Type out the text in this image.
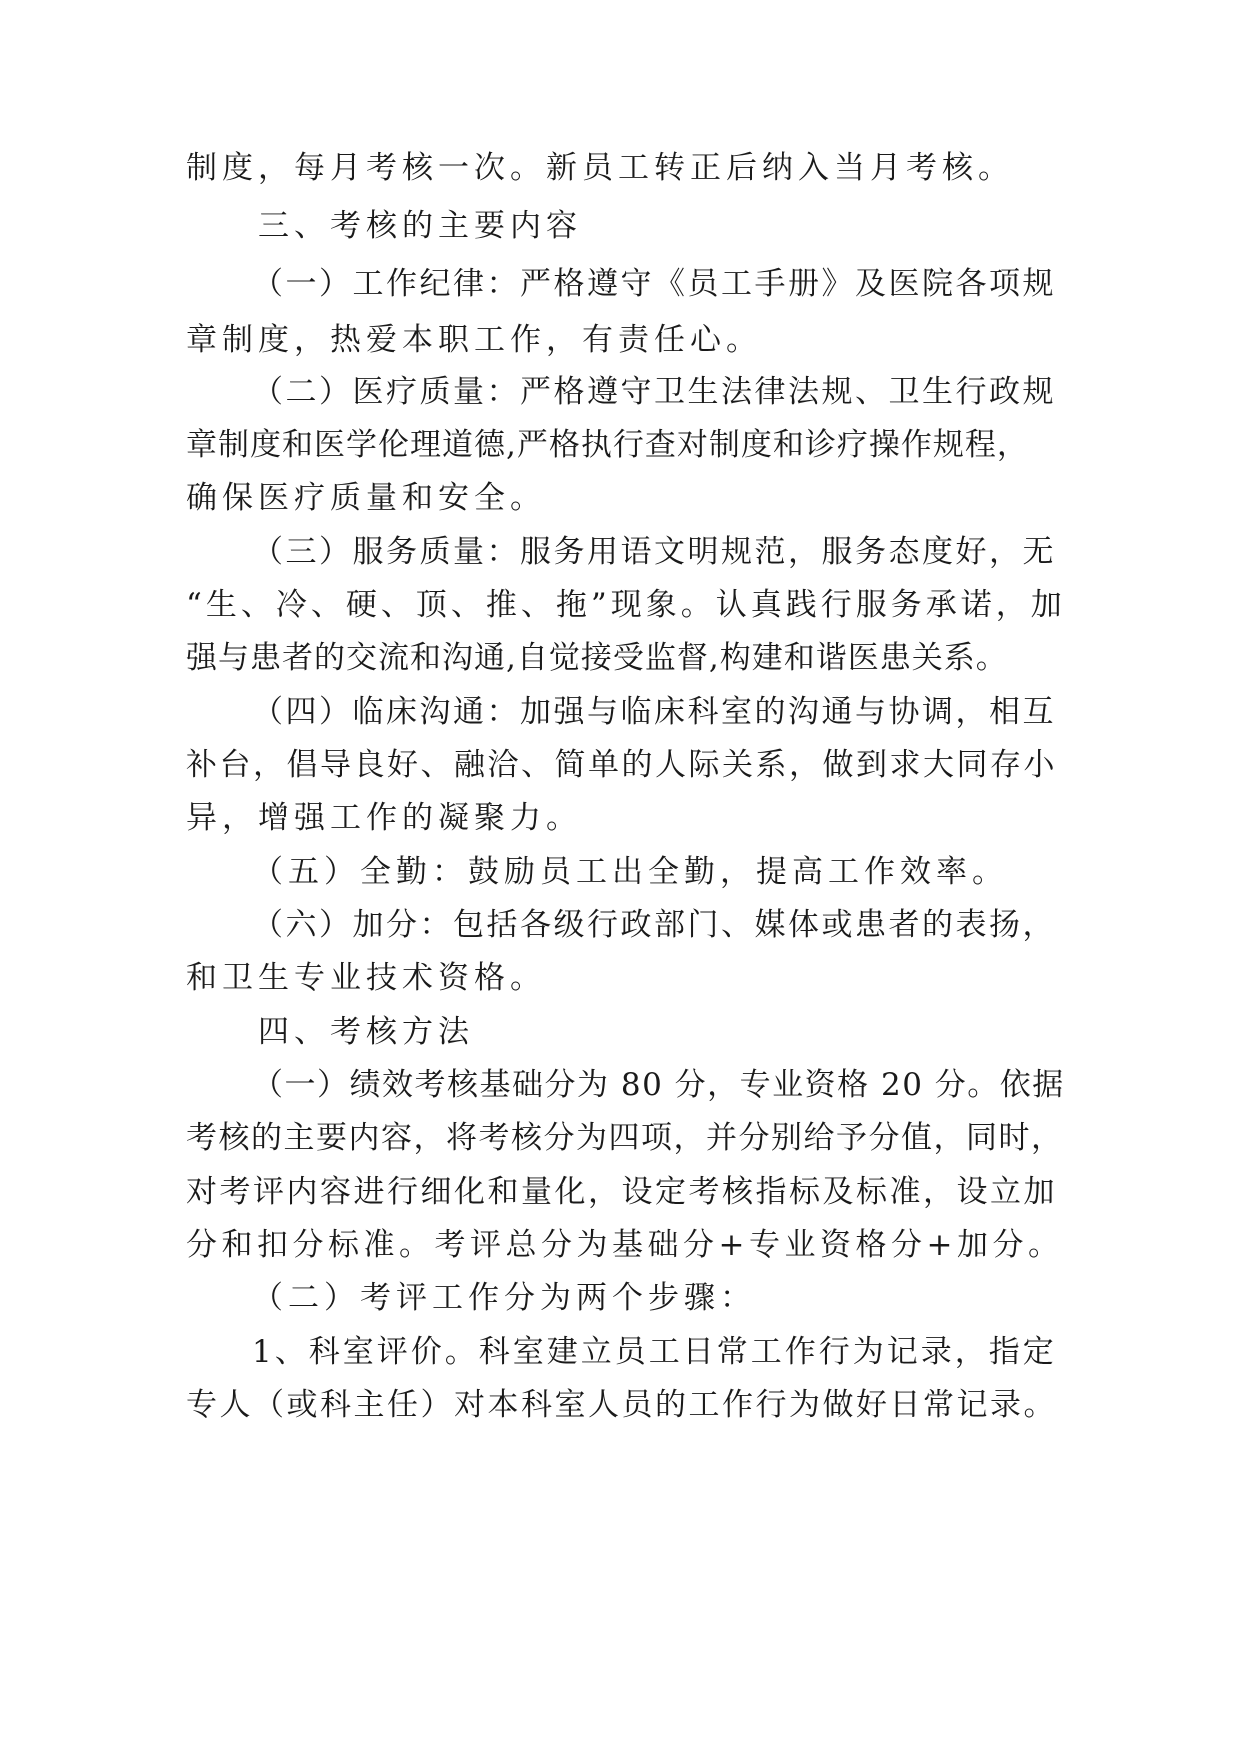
制度，每月考核一次。新员工转正后纳入当月考核。
三、考核的主要内容
（一）工作纪律：严格遵守《员工手册》及医院各项规
章制度，热爱本职工作，有责任心。
（二）医疗质量：严格遵守卫生法律法规、卫生行政规
章制度和医学伦理道德,严格执行查对制度和诊疗操作规程，
确保医疗质量和安全。
（三）服务质量：服务用语文明规范，服务态度好，无
“生、冷、硬、顶、推、拖”现象。认真践行服务承诺，加
强与患者的交流和沟通,自觉接受监督,构建和谐医患关系。
（四）临床沟通：加强与临床科室的沟通与协调，相互
补台，倡导良好、融洽、简单的人际关系，做到求大同存小
异，增强工作的凝聚力。
（五）全勤：鼓励员工出全勤，提高工作效率。
（六）加分：包括各级行政部门、媒体或患者的表扬，
和卫生专业技术资格。
四、考核方法
（一）绩效考核基础分为 80 分，专业资格 20 分。依据
考核的主要内容，将考核分为四项，并分别给予分值，同时，
对考评内容进行细化和量化，设定考核指标及标准，设立加
分和扣分标准。考评总分为基础分+专业资格分+加分。
（二）考评工作分为两个步骤：
1、科室评价。科室建立员工日常工作行为记录，指定
专人（或科主任）对本科室人员的工作行为做好日常记录。
